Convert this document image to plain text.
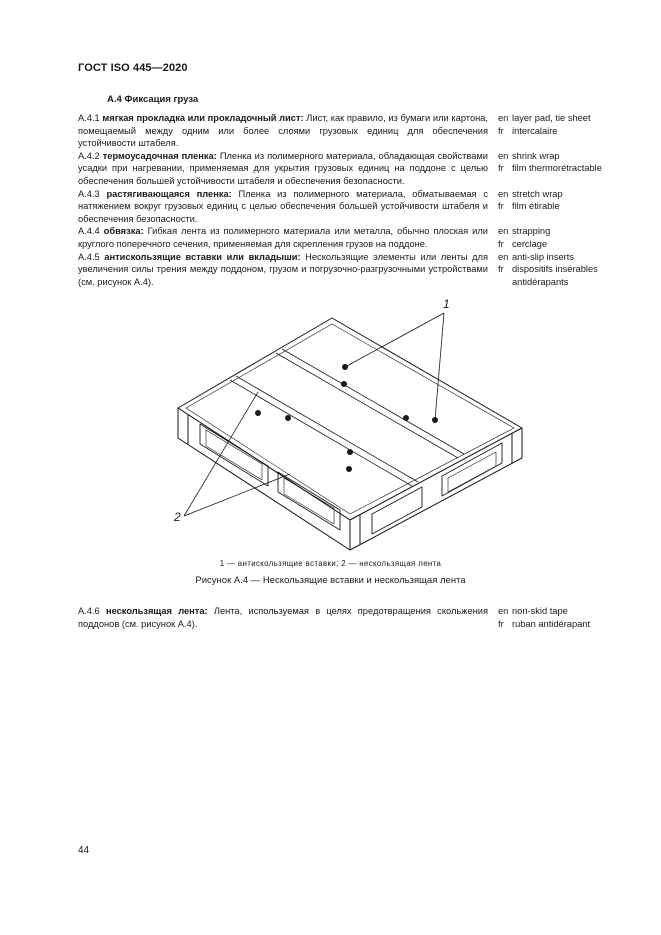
ГОСТ ISO 445—2020
А.4 Фиксация груза
А.4.1 мягкая прокладка или прокладочный лист: Лист, как правило, из бумаги или картона, помещаемый между одним или более слоями грузовых единиц для обеспечения устойчивости штабеля.
en layer pad, tie sheet
fr intercalaire
А.4.2 термоусадочная пленка: Пленка из полимерного материала, обладающая свойствами усадки при нагревании, применяемая для укрытия грузовых единиц на поддоне с целью обеспечения большей устойчивости штабеля и обеспечения безопасности.
en shrink wrap
fr film thermorétractable
А.4.3 растягивающаяся пленка: Пленка из полимерного материала, обматываемая с натяжением вокруг грузовых единиц с целью обеспечения большей устойчивости штабеля и обеспечения безопасности.
en stretch wrap
fr film étirable
А.4.4 обвязка: Гибкая лента из полимерного материала или металла, обычно плоская или круглого поперечного сечения, применяемая для скрепления грузов на поддоне.
en strapping
fr cerclage
А.4.5 антискользящие вставки или вкладыши: Нескользящие элементы или ленты для увеличения силы трения между поддоном, грузом и погрузочно-разгрузочными устройствами (см. рисунок А.4).
en anti-slip inserts
fr dispositifs insérables antidérapants
1
2
1 — антискользящие вставки; 2 — нескользящая лента
Рисунок А.4 — Нескользящие вставки и нескользящая лента
А.4.6 нескользящая лента: Лента, используемая в целях предотвращения скольжения поддонов (см. рисунок А.4).
en non-skid tape
fr ruban antidérapant
44
